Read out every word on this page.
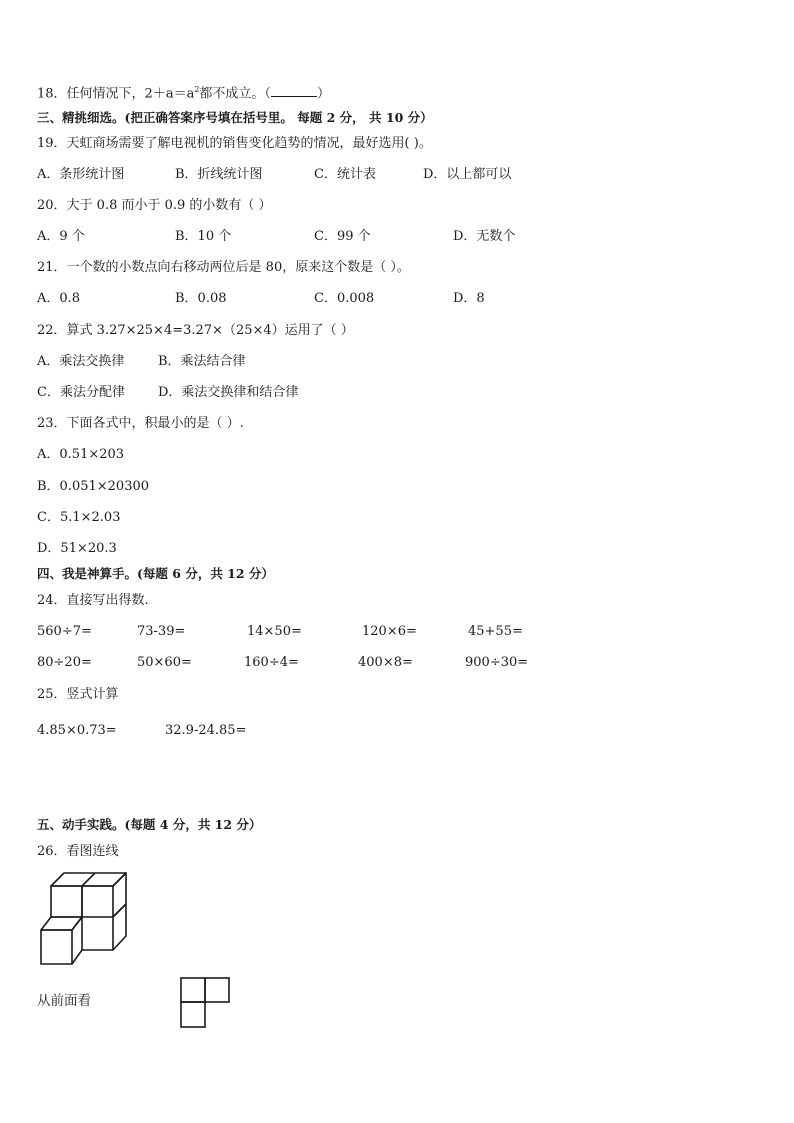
18．任何情况下，$2+a=a^2$都不成立。（	）
三、精挑细选。(把正确答案序号填在括号里。 每题 2 分， 共 10 分）
19．天虹商场需要了解电视机的销售变化趋势的情况，最好选用( )。
A．条形统计图	B．折线统计图	C．统计表	D．以上都可以
20．大于 0.8 而小于 0.9 的小数有（ ）
A．9 个	B．10 个	C．99 个	D．无数个
21．一个数的小数点向右移动两位后是 80，原来这个数是（ ）。
A．0.8	B．0.08	C．0.008	D．8
22．算式 3.27×25×4=3.27×（25×4）运用了（ ）
A．乘法交换律	B．乘法结合律
C．乘法分配律	D．乘法交换律和结合律
23．下面各式中，积最小的是（ ）.
A．0.51×203
B．0.051×20300
C．5.1×2.03
D．51×20.3
四、我是神算手。(每题 6 分，共 12 分）
24．直接写出得数.
560÷7=	73-39=	14×50=	120×6=	45+55=
80÷20=	50×60=	160÷4=	400×8=	900÷30=
25．竖式计算
4.85×0.73=	32.9-24.85=
五、动手实践。(每题 4 分，共 12 分）
26．看图连线
从前面看
